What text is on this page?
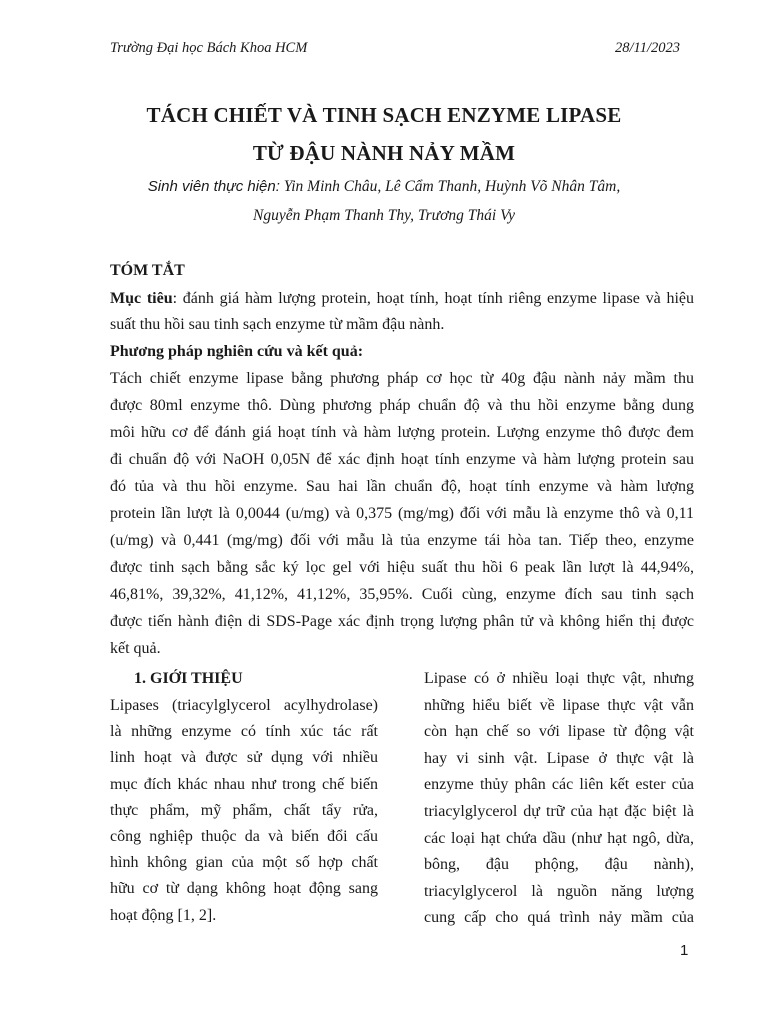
Trường Đại học Bách Khoa HCM	28/11/2023
TÁCH CHIẾT VÀ TINH SẠCH ENZYME LIPASE
TỪ ĐẬU NÀNH NẢY MẦM
Sinh viên thực hiện: Yin Minh Châu, Lê Cẩm Thanh, Huỳnh Võ Nhân Tâm,
Nguyễn Phạm Thanh Thy, Trương Thái Vy
TÓM TẮT
Mục tiêu: đánh giá hàm lượng protein, hoạt tính, hoạt tính riêng enzyme lipase và hiệu
suất thu hồi sau tinh sạch enzyme từ mầm đậu nành.
Phương pháp nghiên cứu và kết quả:
Tách chiết enzyme lipase bằng phương pháp cơ học từ 40g đậu nành nảy mầm thu
được 80ml enzyme thô. Dùng phương pháp chuẩn độ và thu hồi enzyme bằng dung
môi hữu cơ để đánh giá hoạt tính và hàm lượng protein. Lượng enzyme thô được đem
đi chuẩn độ với NaOH 0,05N để xác định hoạt tính enzyme và hàm lượng protein sau
đó tủa và thu hồi enzyme. Sau hai lần chuẩn độ, hoạt tính enzyme và hàm lượng
protein lần lượt là 0,0044 (u/mg) và 0,375 (mg/mg) đối với mẫu là enzyme thô và 0,11
(u/mg) và 0,441 (mg/mg) đối với mẫu là tủa enzyme tái hòa tan. Tiếp theo, enzyme
được tinh sạch bằng sắc ký lọc gel với hiệu suất thu hồi 6 peak lần lượt là 44,94%,
46,81%, 39,32%, 41,12%, 41,12%, 35,95%. Cuối cùng, enzyme đích sau tinh sạch
được tiến hành điện di SDS-Page xác định trọng lượng phân tử và không hiển thị được
kết quả.
1. GIỚI THIỆU
Lipases (triacylglycerol acylhydrolase)
là những enzyme có tính xúc tác rất
linh hoạt và được sử dụng với nhiều
mục đích khác nhau như trong chế biến
thực phẩm, mỹ phẩm, chất tẩy rửa,
công nghiệp thuộc da và biến đổi cấu
hình không gian của một số hợp chất
hữu cơ từ dạng không hoạt động sang
hoạt động [1, 2].
Lipase có ở nhiều loại thực vật, nhưng
những hiểu biết về lipase thực vật vẫn
còn hạn chế so với lipase từ động vật
hay vi sinh vật. Lipase ở thực vật là
enzyme thủy phân các liên kết ester của
triacylglycerol dự trữ của hạt đặc biệt là
các loại hạt chứa dầu (như hạt ngô, dừa,
bông, đậu phộng, đậu nành),
triacylglycerol là nguồn năng lượng
cung cấp cho quá trình nảy mầm của
1
